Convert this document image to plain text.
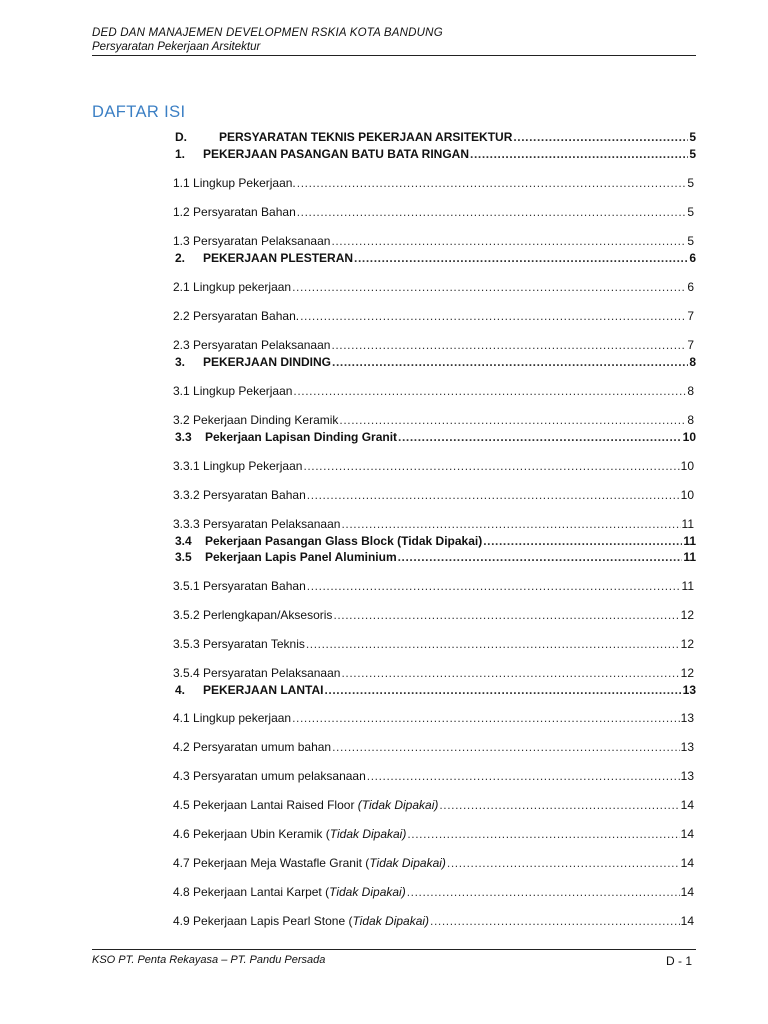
DED DAN MANAJEMEN DEVELOPMEN RSKIA KOTA BANDUNG
Persyaratan Pekerjaan Arsitektur
DAFTAR ISI
D.	PERSYARATAN TEKNIS PEKERJAAN ARSITEKTUR .....	5
1. PEKERJAAN PASANGAN BATU BATA RINGAN .....	5
1.1 Lingkup Pekerjaan. .....	5
1.2 Persyaratan Bahan .....	5
1.3 Persyaratan Pelaksanaan .....	5
2. PEKERJAAN PLESTERAN .....	6
2.1 Lingkup pekerjaan .....	6
2.2 Persyaratan Bahan. .....	7
2.3 Persyaratan Pelaksanaan .....	7
3. PEKERJAAN DINDING .....	8
3.1 Lingkup Pekerjaan .....	8
3.2 Pekerjaan Dinding Keramik .....	8
3.3 Pekerjaan Lapisan Dinding Granit .....	10
3.3.1 Lingkup Pekerjaan .....	10
3.3.2 Persyaratan Bahan .....	10
3.3.3 Persyaratan Pelaksanaan .....	11
3.4 Pekerjaan Pasangan Glass Block (Tidak Dipakai) .....	11
3.5 Pekerjaan Lapis Panel Aluminium .....	11
3.5.1 Persyaratan Bahan .....	11
3.5.2 Perlengkapan/Aksesoris .....	12
3.5.3 Persyaratan Teknis .....	12
3.5.4 Persyaratan Pelaksanaan .....	12
4. PEKERJAAN LANTAI .....	13
4.1 Lingkup pekerjaan .....	13
4.2 Persyaratan umum bahan .....	13
4.3 Persyaratan umum pelaksanaan .....	13
4.5 Pekerjaan Lantai Raised Floor (Tidak Dipakai) .....	14
4.6 Pekerjaan Ubin Keramik (Tidak Dipakai) .....	14
4.7 Pekerjaan Meja Wastafle Granit (Tidak Dipakai) .....	14
4.8 Pekerjaan Lantai Karpet (Tidak Dipakai) .....	14
4.9 Pekerjaan Lapis Pearl Stone (Tidak Dipakai) .....	14
KSO PT. Penta Rekayasa – PT. Pandu Persada	D - 1
